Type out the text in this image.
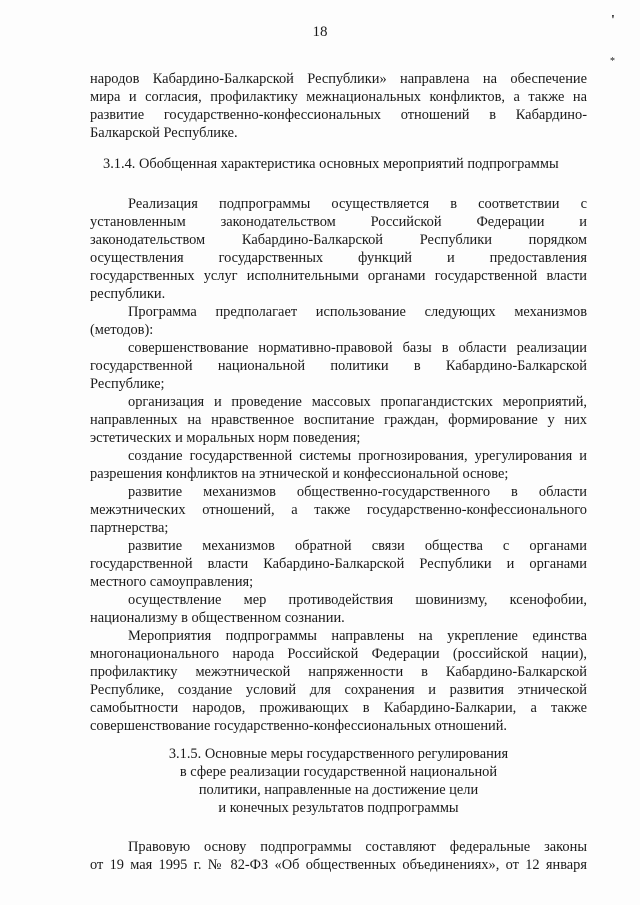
18
'
*
народов Кабардино-Балкарской Республики» направлена на обеспечение
мира и согласия, профилактику межнациональных конфликтов, а также на
развитие государственно-конфессиональных отношений в Кабардино-
Балкарской Республике.
3.1.4. Обобщенная характеристика основных мероприятий подпрограммы
Реализация подпрограммы осуществляется в соответствии с
установленным законодательством Российской Федерации и
законодательством Кабардино-Балкарской Республики порядком
осуществления государственных функций и предоставления
государственных услуг исполнительными органами государственной власти
республики.
Программа предполагает использование следующих механизмов
(методов):
совершенствование нормативно-правовой базы в области реализации
государственной национальной политики в Кабардино-Балкарской
Республике;
организация и проведение массовых пропагандистских мероприятий,
направленных на нравственное воспитание граждан, формирование у них
эстетических и моральных норм поведения;
создание государственной системы прогнозирования, урегулирования и
разрешения конфликтов на этнической и конфессиональной основе;
развитие механизмов общественно-государственного в области
межэтнических отношений, а также государственно-конфессионального
партнерства;
развитие механизмов обратной связи общества с органами
государственной власти Кабардино-Балкарской Республики и органами
местного самоуправления;
осуществление мер противодействия шовинизму, ксенофобии,
национализму в общественном сознании.
Мероприятия подпрограммы направлены на укрепление единства
многонационального народа Российской Федерации (российской нации),
профилактику межэтнической напряженности в Кабардино-Балкарской
Республике, создание условий для сохранения и развития этнической
самобытности народов, проживающих в Кабардино-Балкарии, а также
совершенствование государственно-конфессиональных отношений.
3.1.5. Основные меры государственного регулирования
в сфере реализации государственной национальной
политики, направленные на достижение цели
и конечных результатов подпрограммы
Правовую основу подпрограммы составляют федеральные законы
от 19 мая 1995 г. № 82-ФЗ «Об общественных объединениях», от 12 января
